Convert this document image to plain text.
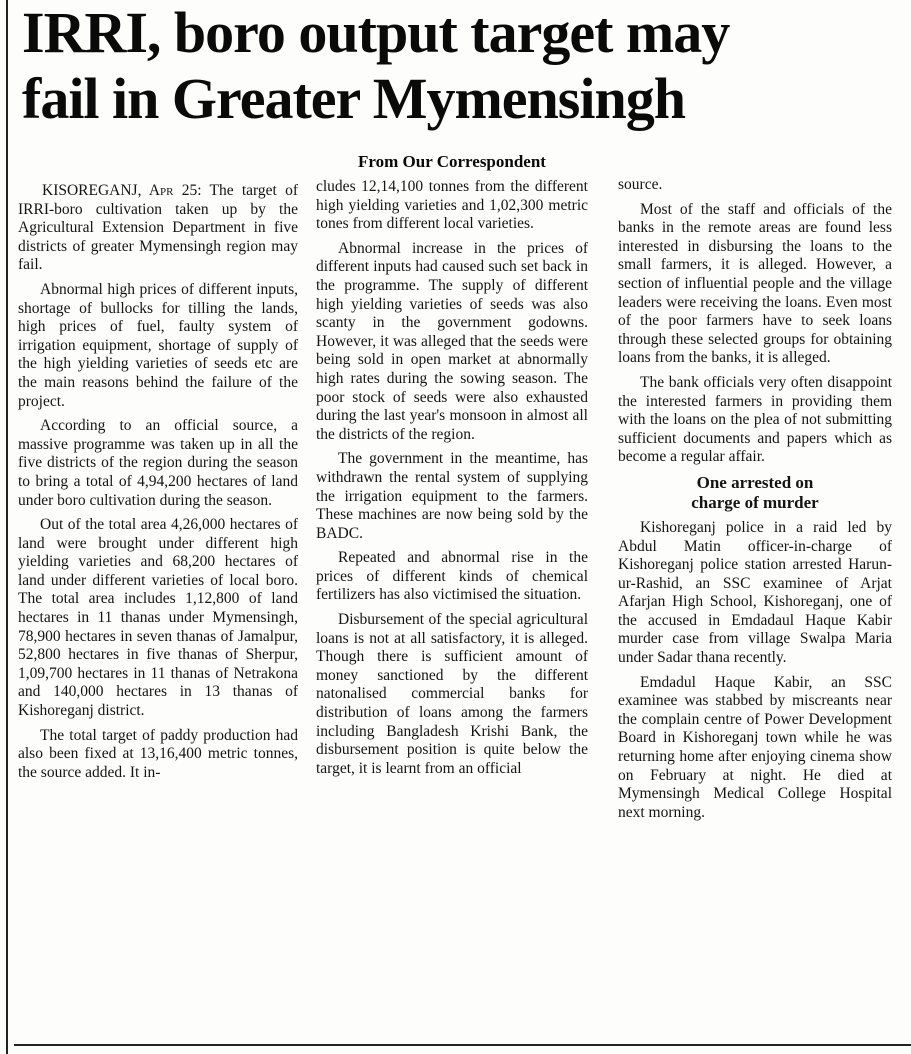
IRRI, boro output target may
fail in Greater Mymensingh
From Our Correspondent

KISOREGANJ, Apr 25: The target of IRRI-boro cultivation taken up by the Agricultural Extension Department in five districts of greater Mymensingh region may fail.

Abnormal high prices of different inputs, shortage of bullocks for tilling the lands, high prices of fuel, faulty system of irrigation equipment, shortage of supply of the high yielding varieties of seeds etc are the main reasons behind the failure of the project.

According to an official source, a massive programme was taken up in all the five districts of the region during the season to bring a total of 4,94,200 hectares of land under boro cultivation during the season.

Out of the total area 4,26,000 hectares of land were brought under different high yielding varieties and 68,200 hectares of land under different varieties of local boro. The total area includes 1,12,800 of land hectares in 11 thanas under Mymensingh, 78,900 hectares in seven thanas of Jamalpur, 52,800 hectares in five thanas of Sherpur, 1,09,700 hectares in 11 thanas of Netrakona and 140,000 hectares in 13 thanas of Kishoreganj district.

The total target of paddy production had also been fixed at 13,16,400 metric tonnes, the source added. It in-

cludes 12,14,100 tonnes from the different high yielding varieties and 1,02,300 metric tones from different local varieties.

Abnormal increase in the prices of different inputs had caused such set back in the programme. The supply of different high yielding varieties of seeds was also scanty in the government godowns. However, it was alleged that the seeds were being sold in open market at abnormally high rates during the sowing season. The poor stock of seeds were also exhausted during the last year's monsoon in almost all the districts of the region.

The government in the meantime, has withdrawn the rental system of supplying the irrigation equipment to the farmers. These machines are now being sold by the BADC.

Repeated and abnormal rise in the prices of different kinds of chemical fertilizers has also victimised the situation.

Disbursement of the special agricultural loans is not at all satisfactory, it is alleged. Though there is sufficient amount of money sanctioned by the different natonalised commercial banks for distribution of loans among the farmers including Bangladesh Krishi Bank, the disbursement position is quite below the target, it is learnt from an official

source.

Most of the staff and officials of the banks in the remote areas are found less interested in disbursing the loans to the small farmers, it is alleged. However, a section of influential people and the village leaders were receiving the loans. Even most of the poor farmers have to seek loans through these selected groups for obtaining loans from the banks, it is alleged.

The bank officials very often disappoint the interested farmers in providing them with the loans on the plea of not submitting sufficient documents and papers which as become a regular affair.

One arrested on
charge of murder

Kishoreganj police in a raid led by Abdul Matin officer-in-charge of Kishoreganj police station arrested Harun-ur-Rashid, an SSC examinee of Arjat Afarjan High School, Kishoreganj, one of the accused in Emdadaul Haque Kabir murder case from village Swalpa Maria under Sadar thana recently.

Emdadul Haque Kabir, an SSC examinee was stabbed by miscreants near the complain centre of Power Development Board in Kishoreganj town while he was returning home after enjoying cinema show on February at night. He died at Mymensingh Medical College Hospital next morning.
